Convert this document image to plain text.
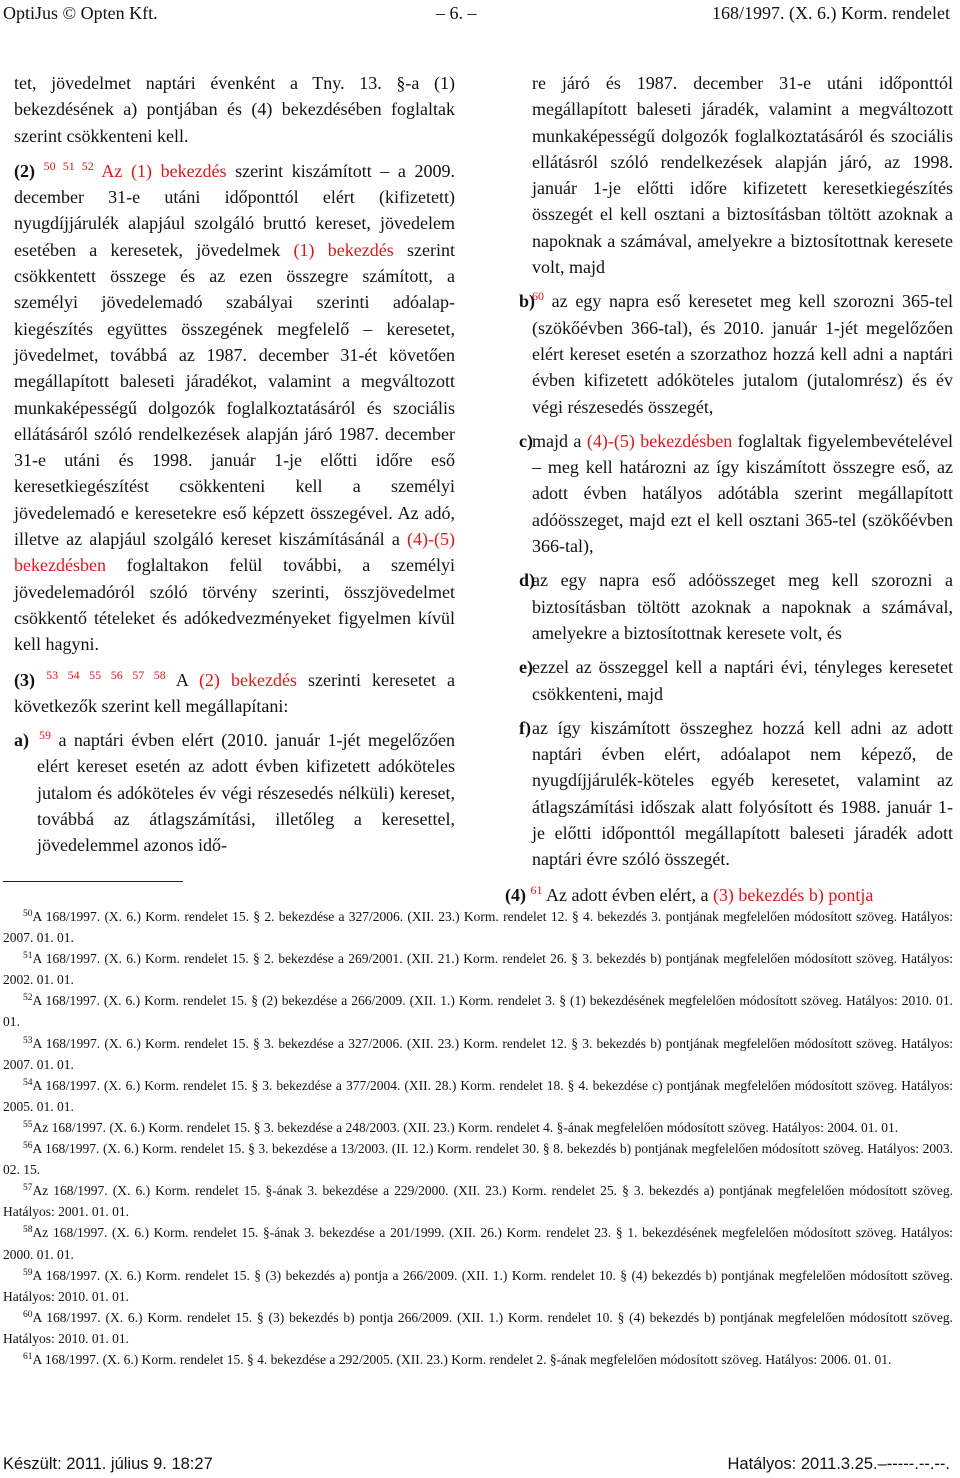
OptiJus © Opten Kft.	– 6. –	168/1997. (X. 6.) Korm. rendelet

tet, jövedelmet naptári évenként a Tny. 13. §-a (1) bekezdésének a) pontjában és (4) bekezdésében foglaltak szerint csökkenteni kell.

(2) $^{50 51 52}$ Az (1) bekezdés szerint kiszámított – a 2009. december 31-e utáni időponttól elért (kifizetett) nyugdíjjárulék alapjául szolgáló bruttó kereset, jövedelem esetében a keresetek, jövedelmek (1) bekezdés szerint csökkentett összege és az ezen összegre számított, a személyi jövedelemadó szabályai szerinti adóalap-kiegészítés együttes összegének megfelelő – keresetet, jövedelmet, továbbá az 1987. december 31-ét követően megállapított baleseti járadékot, valamint a megváltozott munkaképességű dolgozók foglalkoztatásáról és szociális ellátásáról szóló rendelkezések alapján járó 1987. december 31-e utáni és 1998. január 1-je előtti időre eső keresetkiegészítést csökkenteni kell a személyi jövedelemadó e keresetekre eső képzett összegével. Az adó, illetve az alapjául szolgáló kereset kiszámításánál a (4)-(5) bekezdésben foglaltakon felül további, a személyi jövedelemadóról szóló törvény szerinti, összjövedelmet csökkentő tételeket és adókedvezményeket figyelmen kívül kell hagyni.

(3) $^{53 54 55 56 57 58}$ A (2) bekezdés szerinti keresetet a következők szerint kell megállapítani:

a) $^{59}$ a naptári évben elért (2010. január 1-jét megelőzően elért kereset esetén az adott évben kifizetett adóköteles jutalom és adóköteles év végi részesedés nélküli) kereset, továbbá az átlagszámítási, illetőleg a keresettel, jövedelemmel azonos idő-

re járó és 1987. december 31-e utáni időponttól megállapított baleseti járadék, valamint a megváltozott munkaképességű dolgozók foglalkoztatásáról és szociális ellátásról szóló rendelkezések alapján járó, az 1998. január 1-je előtti időre kifizetett keresetkiegészítés összegét el kell osztani a biztosításban töltött azoknak a napoknak a számával, amelyekre a biztosítottnak keresete volt, majd

b)
$^{60}$ az egy napra eső keresetet meg kell szorozni 365-tel (szökőévben 366-tal), és 2010. január 1-jét megelőzően elért kereset esetén a szorzathoz hozzá kell adni a naptári évben kifizetett adóköteles jutalom (jutalomrész) és év végi részesedés összegét,

c) majd a (4)-(5) bekezdésben foglaltak figyelembevételével – meg kell határozni az így kiszámított összegre eső, az adott évben hatályos adótábla szerint megállapított adóösszeget, majd ezt el kell osztani 365-tel (szökőévben 366-tal),

d)
az egy napra eső adóösszeget meg kell szorozni a biztosításban töltött azoknak a napoknak a számával, amelyekre a biztosítottnak keresete volt, és

e) ezzel az összeggel kell a naptári évi, tényleges keresetet csökkenteni, majd

f) az így kiszámított összeghez hozzá kell adni az adott naptári évben elért, adóalapot nem képező, de nyugdíjjárulék-köteles egyéb keresetet, valamint az átlagszámítási időszak alatt folyósított és 1988. január 1-je előtti időponttól megállapított baleseti járadék adott naptári évre szóló összegét.

(4) $^{61}$ Az adott évben elért, a (3) bekezdés b) pontja

$^{50}$A 168/1997. (X. 6.) Korm. rendelet 15. § 2. bekezdése a 327/2006. (XII. 23.) Korm. rendelet 12. § 4. bekezdés 3. pontjának megfelelően módosított szöveg. Hatályos: 2007. 01. 01.

$^{51}$A 168/1997. (X. 6.) Korm. rendelet 15. § 2. bekezdése a 269/2001. (XII. 21.) Korm. rendelet 26. § 3. bekezdés b) pontjának megfelelően módosított szöveg. Hatályos: 2002. 01. 01.

$^{52}$A 168/1997. (X. 6.) Korm. rendelet 15. § (2) bekezdése a 266/2009. (XII. 1.) Korm. rendelet 3. § (1) bekezdésének megfelelően módosított szöveg. Hatályos: 2010. 01. 01.

$^{53}$A 168/1997. (X. 6.) Korm. rendelet 15. § 3. bekezdése a 327/2006. (XII. 23.) Korm. rendelet 12. § 3. bekezdés b) pontjának megfelelően módosított szöveg. Hatályos: 2007. 01. 01.

$^{54}$A 168/1997. (X. 6.) Korm. rendelet 15. § 3. bekezdése a 377/2004. (XII. 28.) Korm. rendelet 18. § 4. bekezdése c) pontjának megfelelően módosított szöveg. Hatályos: 2005. 01. 01.

$^{55}$Az 168/1997. (X. 6.) Korm. rendelet 15. § 3. bekezdése a 248/2003. (XII. 23.) Korm. rendelet 4. §-ának megfelelően módosított szöveg. Hatályos: 2004. 01. 01.

$^{56}$A 168/1997. (X. 6.) Korm. rendelet 15. § 3. bekezdése a 13/2003. (II. 12.) Korm. rendelet 30. § 8. bekezdés b) pontjának megfelelően módosított szöveg. Hatályos: 2003. 02. 15.

$^{57}$Az 168/1997. (X. 6.) Korm. rendelet 15. §-ának 3. bekezdése a 229/2000. (XII. 23.) Korm. rendelet 25. § 3. bekezdés a) pontjának megfelelően módosított szöveg. Hatályos: 2001. 01. 01.

$^{58}$Az 168/1997. (X. 6.) Korm. rendelet 15. §-ának 3. bekezdése a 201/1999. (XII. 26.) Korm. rendelet 23. § 1. bekezdésének megfelelően módosított szöveg. Hatályos: 2000. 01. 01.

$^{59}$A 168/1997. (X. 6.) Korm. rendelet 15. § (3) bekezdés a) pontja a 266/2009. (XII. 1.) Korm. rendelet 10. § (4) bekezdés b) pontjának megfelelően módosított szöveg. Hatályos: 2010. 01. 01.

$^{60}$A 168/1997. (X. 6.) Korm. rendelet 15. § (3) bekezdés b) pontja 266/2009. (XII. 1.) Korm. rendelet 10. § (4) bekezdés b) pontjának megfelelően módosított szöveg. Hatályos: 2010. 01. 01.

$^{61}$A 168/1997. (X. 6.) Korm. rendelet 15. § 4. bekezdése a 292/2005. (XII. 23.) Korm. rendelet 2. §-ának megfelelően módosított szöveg. Hatályos: 2006. 01. 01.

Készült: 2011. július 9. 18:27	Hatályos: 2011.3.25.–-----.--.--.
